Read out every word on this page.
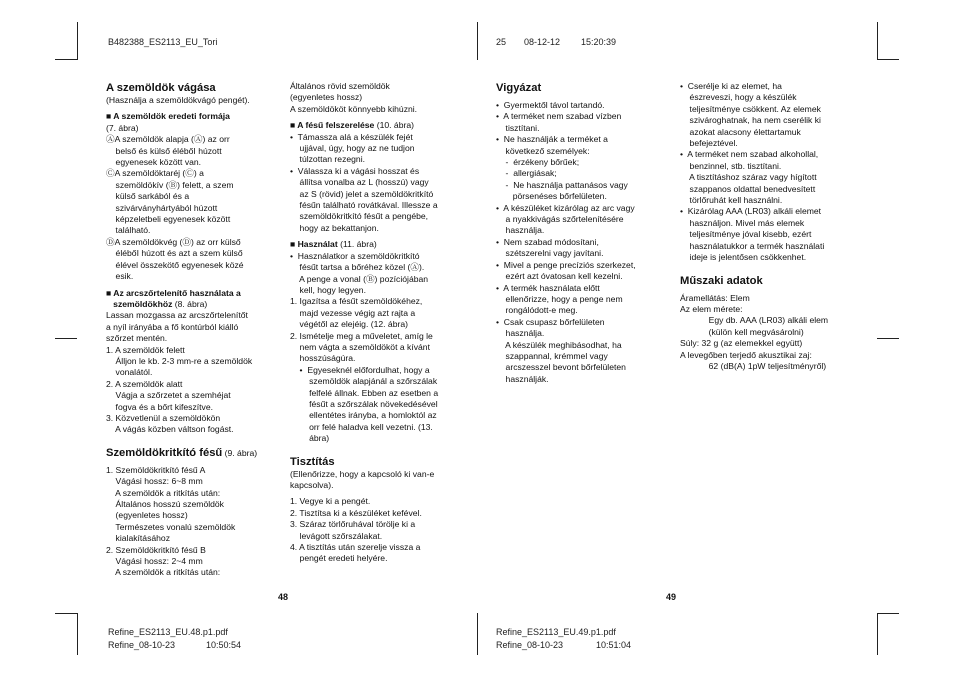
B482388_ES2113_EU_Tori	25 08-12-12 15:20:39
Refine_ES2113_EU.48.p1.pdf
Refine_08-10-23	10:50:54
Refine_ES2113_EU.49.p1.pdf
Refine_08-10-23	10:51:04
48	49

A szemöldök vágása

(Használja a szemöldökvágó pengét).

■ A szemöldök eredeti formája

(7. ábra)

ⒶA szemöldök alapja (Ⓐ) az orr

belső és külső élébőI húzott

egyenesek között van.

ⒸA szemöldöktaréj (Ⓒ) a

szemöldökív (Ⓑ) felett, a szem

külső sarkából és a

szivárványhártyából húzott

képzeletbeli egyenesek között

található.

ⒹA szemöldökvég (Ⓓ) az orr külső

élébőI húzott és azt a szem külső

élével összekötő egyenesek közé

esik.

■ Az arcszőrtelenítő használata a

szemöldökhöz (8. ábra)

Lassan mozgassa az arcszőrtelenítőt

a nyíl irányába a fő kontúrból kiálló

szőrzet mentén.

1. A szemöldök felett

Álljon le kb. 2-3 mm-re a szemöldök

vonalától.

2. A szemöldök alatt

Vágja a szőrzetet a szemhéjat

fogva és a bőrt kifeszítve.

3. Közvetlenül a szemöldökön

A vágás közben váltson fogást.

Szemöldökritkító fésű (9. ábra)

1. Szemöldökritkító fésű A

Vágási hossz: 6~8 mm

A szemöldök a ritkítás után:

Általános hosszú szemöldök

(egyenletes hossz)

Természetes vonalú szemöldök

kialakításához

2. Szemöldökritkító fésű B

Vágási hossz: 2~4 mm

A szemöldök a ritkítás után:

Általános rövid szemöldök

(egyenletes hossz)

A szemöldököt könnyebb kihúzni.

■ A fésű felszerelése (10. ábra)

•  Támassza alá a készülék fejét

ujjával, úgy, hogy az ne tudjon

túlzottan rezegni.

•  Válassza ki a vágási hosszat és

állítsa vonalba az L (hosszú) vagy

az S (rövid) jelet a szemöldökritkító

fésűn található rovátkával. Illessze a

szemöldökritkító fésűt a pengébe,

hogy az bekattanjon.

■ Használat (11. ábra)

•  Használatkor a szemöldökritkító

fésűt tartsa a bőréhez közel (Ⓐ).

A penge a vonal (Ⓑ) pozíciójában

kell, hogy legyen.

1. Igazítsa a fésűt szemöldökéhez,

majd vezesse végig azt rajta a

végétől az elejéig. (12. ábra)

2. Ismételje meg a műveletet, amíg le

nem vágta a szemöldököt a kívánt

hosszúságúra.

•  Egyeseknél előfordulhat, hogy a

szemöldök alapjánál a szőrszálak

felfelé állnak. Ebben az esetben a

fésűt a szőrszálak növekedésével

ellentétes irányba, a homloktól az

orr felé haladva kell vezetni. (13.

ábra)

Tisztítás

(Ellenőrizze, hogy a kapcsoló ki van-e

kapcsolva).

1. Vegye ki a pengét.

2. Tisztítsa ki a készüléket kefével.

3. Száraz törlőruhával törölje ki a

levágott szőrszálakat.

4. A tisztítás után szerelje vissza a

pengét eredeti helyére.

Vigyázat

•  Gyermektől távol tartandó.

•  A terméket nem szabad vízben

tisztítani.

•  Ne használják a terméket a

következő személyek:

-  érzékeny bőrűek;

-  allergiásak;

-  Ne használja pattanásos vagy

pörsenéses bőrfelületen.

•  A készüléket kizárólag az arc vagy

a nyakkivágás szőrtelenítésére

használja.

•  Nem szabad módosítani,

szétszerelni vagy javítani.

•  Mivel a penge precíziós szerkezet,

ezért azt óvatosan kell kezelni.

•  A termék használata előtt

ellenőrizze, hogy a penge nem

rongálódott-e meg.

•  Csak csupasz bőrfelületen

használja.

A készülék meghibásodhat, ha

szappannal, krémmel vagy

arcszesszel bevont bőrfelületen

használják.

•  Cserélje ki az elemet, ha

észreveszi, hogy a készülék

teljesítménye csökkent. Az elemek

szivároghatnak, ha nem cserélik ki

azokat alacsony élettartamuk

befejeztével.

•  A terméket nem szabad alkohollal,

benzinnel, stb. tisztítani.

A tisztításhoz száraz vagy hígított

szappanos oldattal benedvesített

törlőruhát kell használni.

•  Kizárólag AAA (LR03) alkáli elemet

használjon. Mivel más elemek

teljesítménye jóval kisebb, ezért

használatukkor a termék használati

ideje is jelentősen csökkenhet.

Műszaki adatok

Áramellátás: Elem

Az elem mérete:

Egy db. AAA (LR03) alkáli elem

(külön kell megvásárolni)

Súly: 32 g (az elemekkel együtt)

A levegőben terjedő akusztikai zaj:

62 (dB(A) 1pW teljesítményről)
